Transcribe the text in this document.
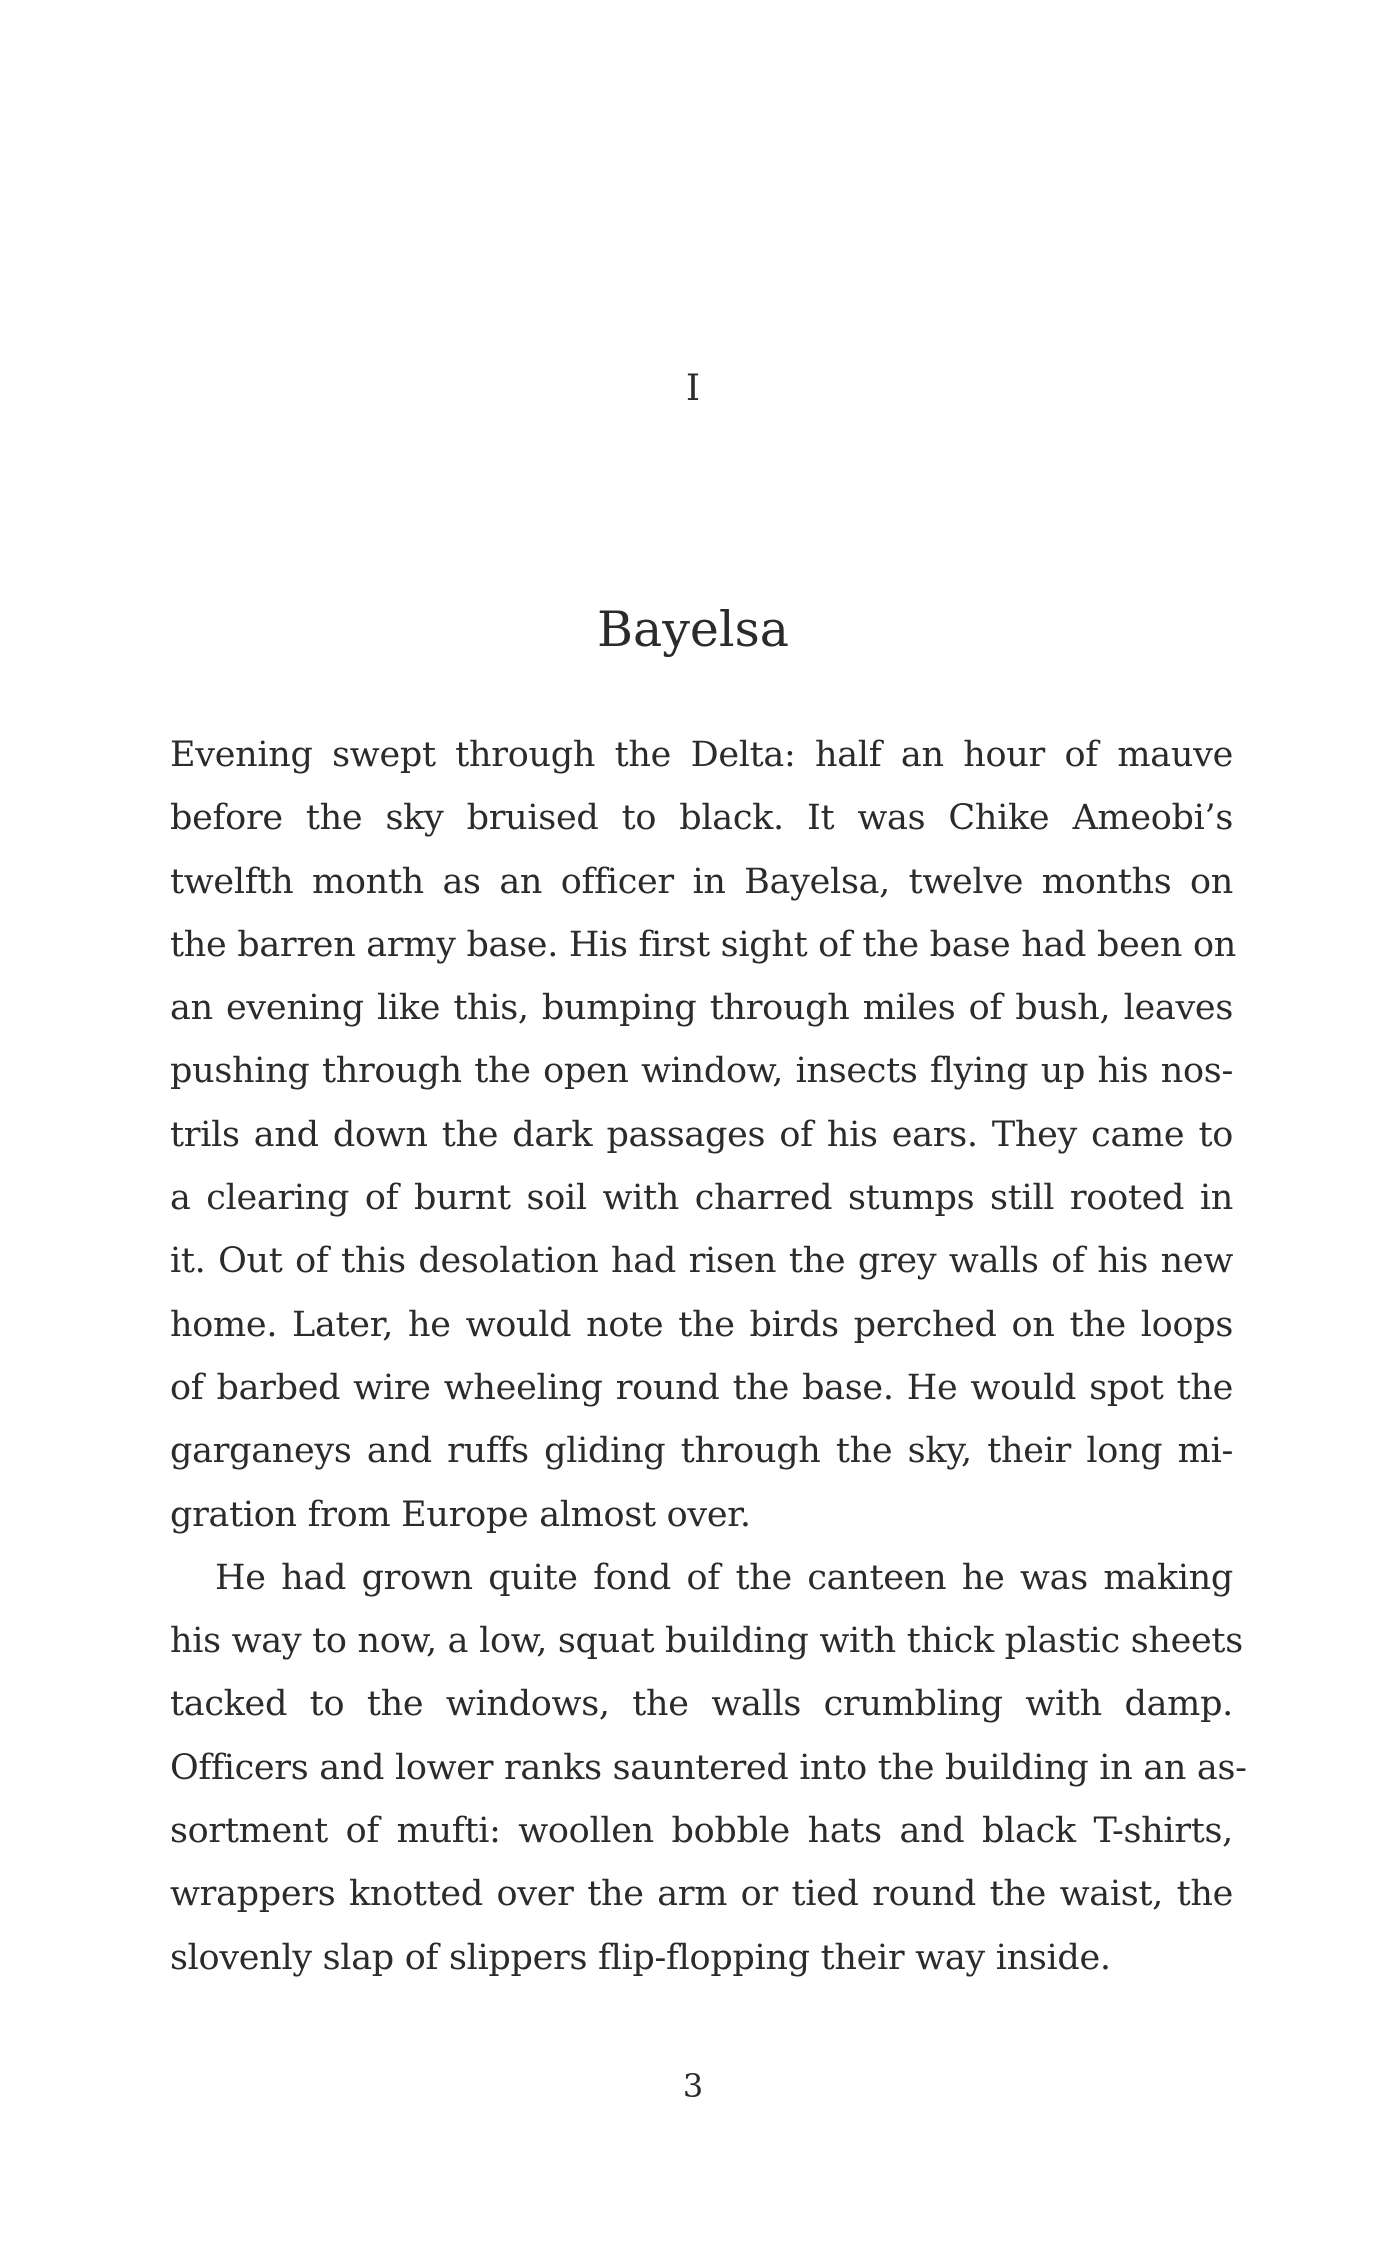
I
Bayelsa
Evening swept through the Delta: half an hour of mauve
before the sky bruised to black. It was Chike Ameobi’s
twelfth month as an officer in Bayelsa, twelve months on
the barren army base. His first sight of the base had been on
an evening like this, bumping through miles of bush, leaves
pushing through the open window, insects flying up his nos-
trils and down the dark passages of his ears. They came to
a clearing of burnt soil with charred stumps still rooted in
it. Out of this desolation had risen the grey walls of his new
home. Later, he would note the birds perched on the loops
of barbed wire wheeling round the base. He would spot the
garganeys and ruffs gliding through the sky, their long mi-
gration from Europe almost over.
He had grown quite fond of the canteen he was making
his way to now, a low, squat building with thick plastic sheets
tacked to the windows, the walls crumbling with damp.
Officers and lower ranks sauntered into the building in an as-
sortment of mufti: woollen bobble hats and black T-shirts,
wrappers knotted over the arm or tied round the waist, the
slovenly slap of slippers flip-flopping their way inside.
3
